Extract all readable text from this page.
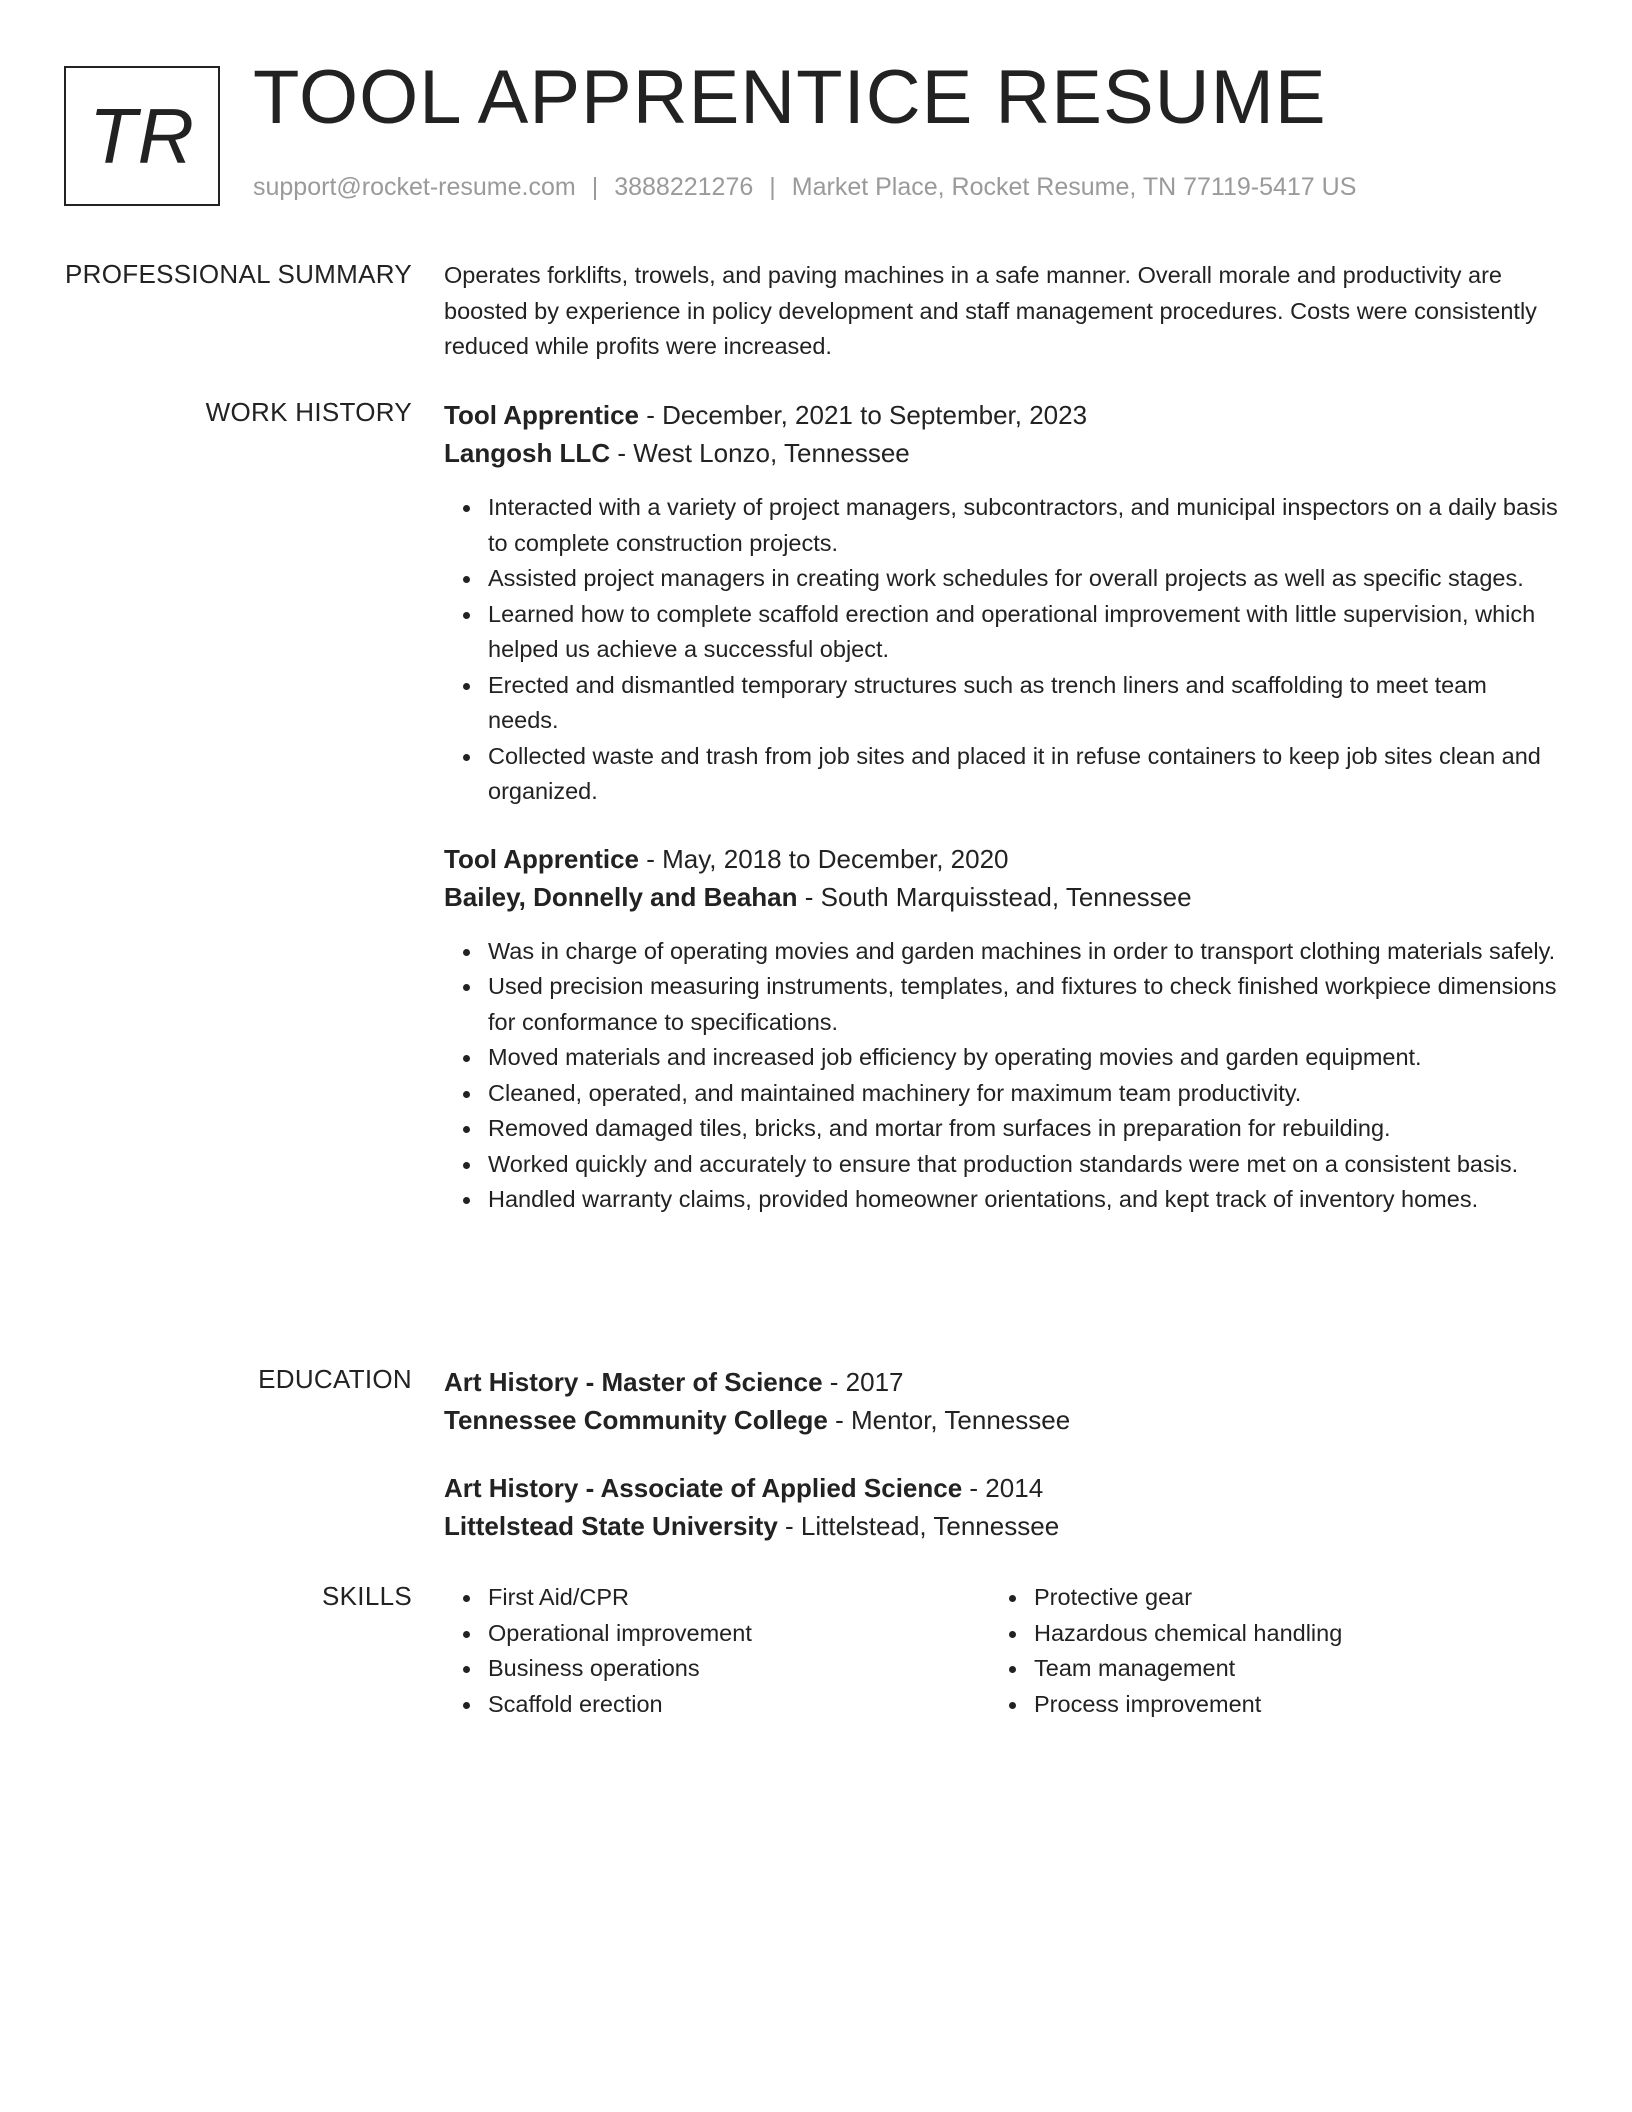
TR TOOL APPRENTICE RESUME
support@rocket-resume.com | 3888221276 | Market Place, Rocket Resume, TN 77119-5417 US
PROFESSIONAL SUMMARY Operates forklifts, trowels, and paving machines in a safe manner. Overall morale and productivity are boosted by experience in policy development and staff management procedures. Costs were consistently reduced while profits were increased.

WORK HISTORY Tool Apprentice - December, 2021 to September, 2023

Langosh LLC - West Lonzo, Tennessee

Interacted with a variety of project managers, subcontractors, and municipal inspectors on a daily basis to complete construction projects.
Assisted project managers in creating work schedules for overall projects as well as specific stages.
Learned how to complete scaffold erection and operational improvement with little supervision, which helped us achieve a successful object.
Erected and dismantled temporary structures such as trench liners and scaffolding to meet team needs.
Collected waste and trash from job sites and placed it in refuse containers to keep job sites clean and organized.

Tool Apprentice - May, 2018 to December, 2020

Bailey, Donnelly and Beahan - South Marquisstead, Tennessee

Was in charge of operating movies and garden machines in order to transport clothing materials safely.
Used precision measuring instruments, templates, and fixtures to check finished workpiece dimensions for conformance to specifications.
Moved materials and increased job efficiency by operating movies and garden equipment.
Cleaned, operated, and maintained machinery for maximum team productivity.
Removed damaged tiles, bricks, and mortar from surfaces in preparation for rebuilding.
Worked quickly and accurately to ensure that production standards were met on a consistent basis.
Handled warranty claims, provided homeowner orientations, and kept track of inventory homes.
EDUCATION Art History - Master of Science - 2017

Tennessee Community College - Mentor, Tennessee

Art History - Associate of Applied Science - 2014

Littelstead State University - Littelstead, Tennessee

SKILLS	First Aid/CPR
Operational improvement
Business operations
Scaffold erection
Protective gear
Hazardous chemical handling
Team management
Process improvement
